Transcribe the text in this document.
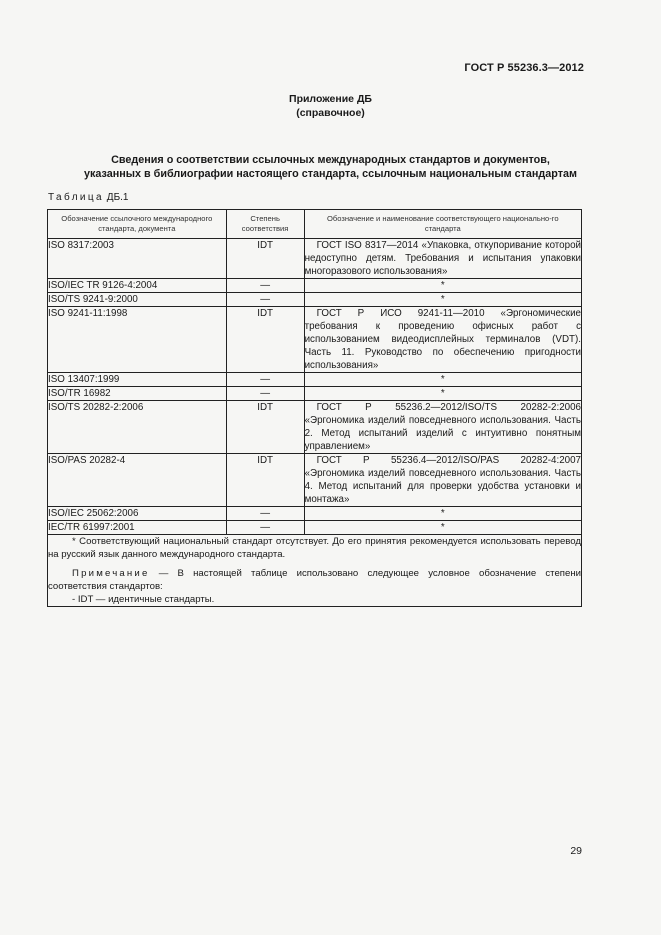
ГОСТ Р 55236.3—2012
Приложение ДБ
(справочное)
Сведения о соответствии ссылочных международных стандартов и документов,
указанных в библиографии настоящего стандарта, ссылочным национальным стандартам
Таблица ДБ.1
Обозначение ссылочного международного стандарта, документа	Степень соответствия	Обозначение и наименование соответствующего национально-го стандарта
ISO 8317:2003	IDT	ГОСТ ISO 8317—2014 «Упаковка, откупоривание которой недоступно детям. Требования и испытания упаковки многоразового использования»
ISO/IEC TR 9126-4:2004	—	*
ISO/TS 9241-9:2000	—	*
ISO 9241-11:1998	IDT	ГОСТ Р ИСО 9241-11—2010 «Эргономические требования к проведению офисных работ с использованием видеодисплейных терминалов (VDT). Часть 11. Руководство по обеспечению пригодности использования»
ISO 13407:1999	—	*
ISO/TR 16982	—	*
ISO/TS 20282-2:2006	IDT	ГОСТ Р 55236.2—2012/ISO/TS 20282-2:2006 «Эргономика изделий повседневного использования. Часть 2. Метод испытаний изделий с интуитивно понятным управлением»
ISO/PAS 20282-4	IDT	ГОСТ Р 55236.4—2012/ISO/PAS 20282-4:2007 «Эргономика изделий повседневного использования. Часть 4. Метод испытаний для проверки удобства установки и монтажа»
ISO/IEC 25062:2006	—	*
IEC/TR 61997:2001	—	*

* Соответствующий национальный стандарт отсутствует. До его принятия рекомендуется использовать перевод на русский язык данного международного стандарта.

Примечание — В настоящей таблице использовано следующее условное обозначение степени соответствия стандартов:

- IDT — идентичные стандарты.		

29
